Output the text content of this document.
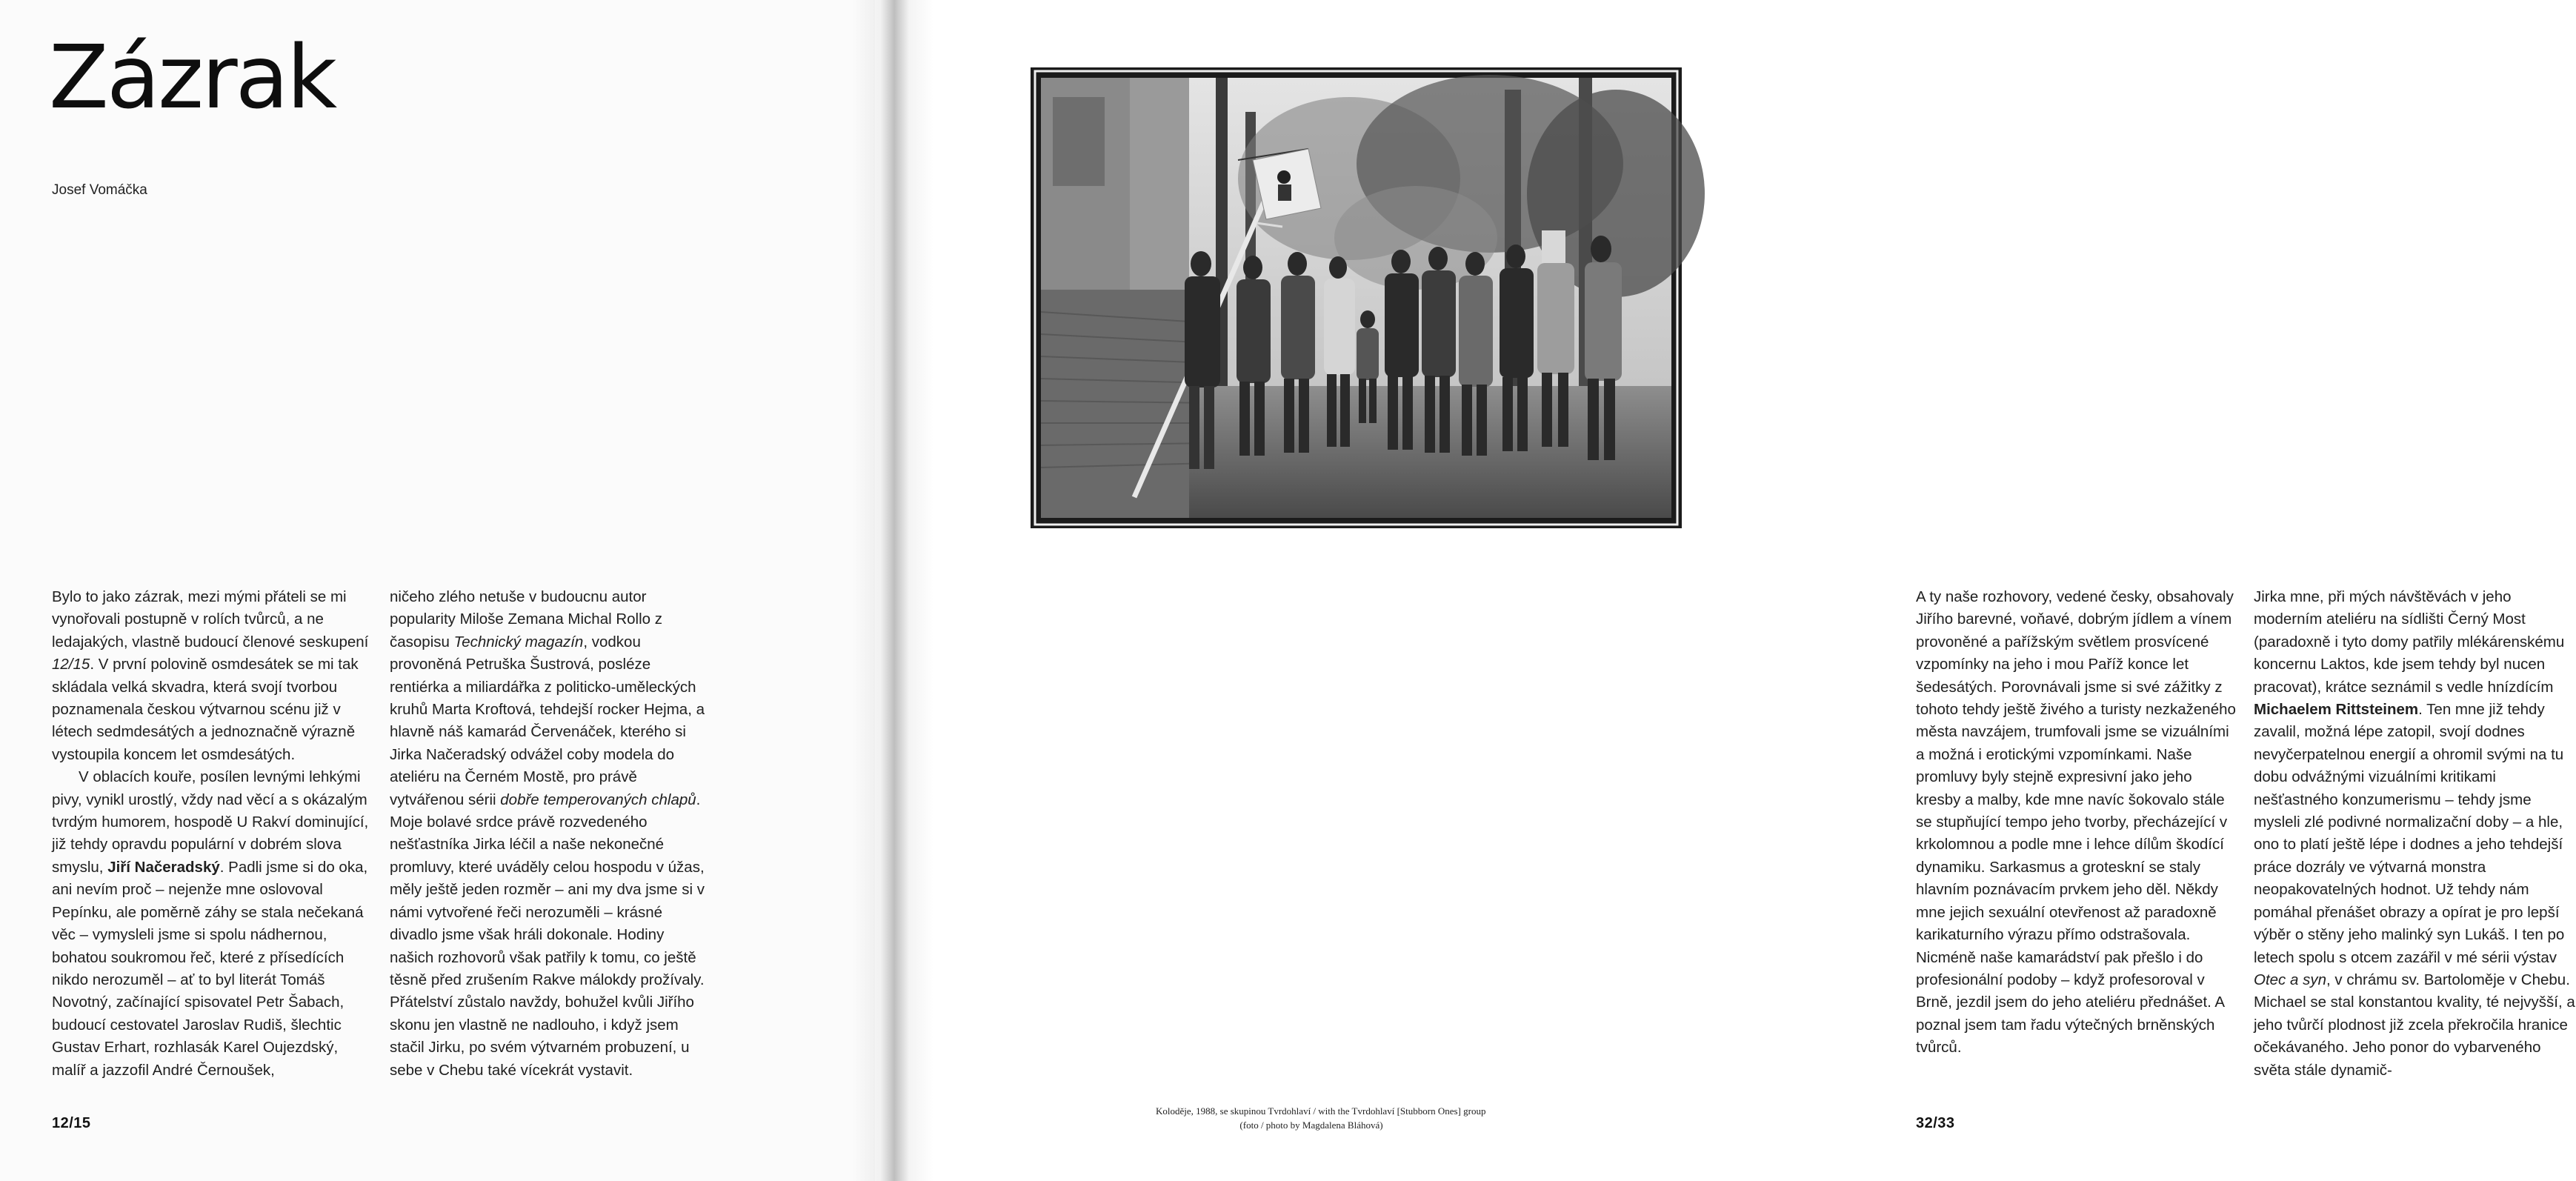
Zázrak
Josef Vomáčka

Bylo to jako zázrak, mezi mými přáteli se mi vynořovali postupně v rolích tvůrců, a ne ledajakých, vlastně budoucí členové seskupení 12/15. V první polovině osmdesátek se mi tak skládala velká skvadra, která svojí tvorbou poznamenala českou výtvarnou scénu již v létech sedmdesátých a jednoznačně výrazně vystoupila koncem let osmdesátých.

V oblacích kouře, posílen levnými lehkými pivy, vynikl urostlý, vždy nad věcí a s okázalým tvrdým humorem, hospodě U Rakví dominující, již tehdy opravdu populární v dobrém slova smyslu, Jiří Načeradský. Padli jsme si do oka, ani nevím proč – nejenže mne oslovoval Pepínku, ale poměrně záhy se stala nečekaná věc – vymysleli jsme si spolu nádhernou, bohatou soukromou řeč, které z přísedících nikdo nerozuměl – ať to byl literát Tomáš Novotný, začínající spisovatel Petr Šabach, budoucí cestovatel Jaroslav Rudiš, šlechtic Gustav Erhart, rozhlasák Karel Oujezdský, malíř a jazzofil André Černoušek,

ničeho zlého netuše v budoucnu autor popularity Miloše Zemana Michal Rollo z časopisu Technický magazín, vodkou provoněná Petruška Šustrová, posléze rentiérka a miliardářka z politicko-uměleckých kruhů Marta Kroftová, tehdejší rocker Hejma, a hlavně náš kamarád Červenáček, kterého si Jirka Načeradský odvážel coby modela do ateliéru na Černém Mostě, pro právě vytvářenou sérii dobře temperovaných chlapů. Moje bolavé srdce právě rozvedeného nešťastníka Jirka léčil a naše nekonečné promluvy, které uváděly celou hospodu v úžas, měly ještě jeden rozměr – ani my dva jsme si v námi vytvořené řeči nerozuměli – krásné divadlo jsme však hráli dokonale. Hodiny našich rozhovorů však patřily k tomu, co ještě těsně před zrušením Rakve málokdy prožívaly. Přátelství zůstalo navždy, bohužel kvůli Jiřího skonu jen vlastně ne nadlouho, i když jsem stačil Jirku, po svém výtvarném probuzení, u sebe v Chebu také vícekrát vystavit.

12/15

A ty naše rozhovory, vedené česky, obsahovaly Jiřího barevné, voňavé, dobrým jídlem a vínem provoněné a pařížským světlem prosvícené vzpomínky na jeho i mou Paříž konce let šedesátých. Porovnávali jsme si své zážitky z tohoto tehdy ještě živého a turisty nezkaženého města navzájem, trumfovali jsme se vizuálními a možná i erotickými vzpomínkami. Naše promluvy byly stejně expresivní jako jeho kresby a malby, kde mne navíc šokovalo stále se stupňující tempo jeho tvorby, přecházející v krkolomnou a podle mne i lehce dílům škodící dynamiku. Sarkasmus a groteskní se staly hlavním poznávacím prvkem jeho děl. Někdy mne jejich sexuální otevřenost až paradoxně karikaturního výrazu přímo odstrašovala. Nicméně naše kamarádství pak přešlo i do profesionální podoby – když profesoroval v Brně, jezdil jsem do jeho ateliéru přednášet. A poznal jsem tam řadu výtečných brněnských tvůrců.

Jirka mne, při mých návštěvách v jeho moderním ateliéru na sídlišti Černý Most (paradoxně i tyto domy patřily mlékárenskému koncernu Laktos, kde jsem tehdy byl nucen pracovat), krátce seznámil s vedle hnízdícím Michaelem Rittsteinem. Ten mne již tehdy zavalil, možná lépe zatopil, svojí dodnes nevyčerpatelnou energií a ohromil svými na tu dobu odvážnými vizuálními kritikami nešťastného konzumerismu – tehdy jsme mysleli zlé podivné normalizační doby – a hle, ono to platí ještě lépe i dodnes a jeho tehdejší práce dozrály ve výtvarná monstra neopakovatelných hodnot. Už tehdy nám pomáhal přenášet obrazy a opírat je pro lepší výběr o stěny jeho malinký syn Lukáš. I ten po letech spolu s otcem zazářil v mé sérii výstav Otec a syn, v chrámu sv. Bartoloměje v Chebu. Michael se stal konstantou kvality, té nejvyšší, a jeho tvůrčí plodnost již zcela překročila hranice očekávaného. Jeho ponor do vybarveného světa stále dynamič-

32/33
Koloděje, 1988, se skupinou Tvrdohlaví / with the Tvrdohlaví [Stubborn Ones] group
(foto / photo by Magdalena Bláhová)
